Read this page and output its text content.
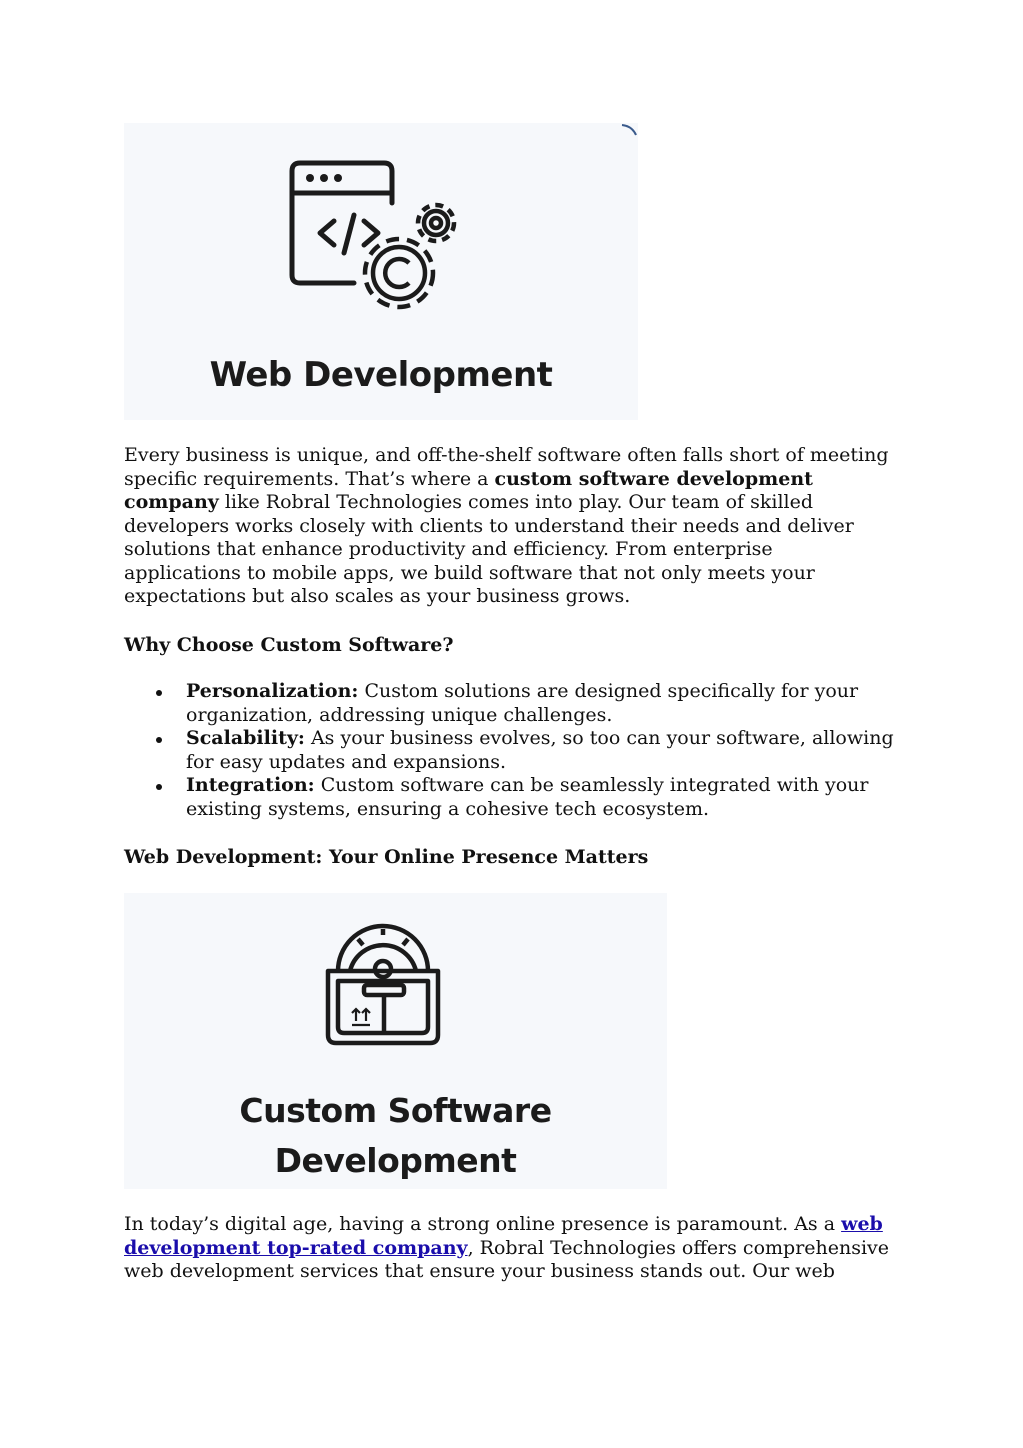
Web Development

Every business is unique, and off-the-shelf software often falls short of meeting specific requirements. That’s where a custom software development company like Robral Technologies comes into play. Our team of skilled developers works closely with clients to understand their needs and deliver solutions that enhance productivity and efficiency. From enterprise applications to mobile apps, we build software that not only meets your expectations but also scales as your business grows.

Why Choose Custom Software?
Personalization: Custom solutions are designed specifically for your organization, addressing unique challenges.
Scalability: As your business evolves, so too can your software, allowing for easy updates and expansions.
Integration: Custom software can be seamlessly integrated with your existing systems, ensuring a cohesive tech ecosystem.
Web Development: Your Online Presence Matters
Custom Software
Development

In today’s digital age, having a strong online presence is paramount. As a web development top-rated company, Robral Technologies offers comprehensive web development services that ensure your business stands out. Our web
